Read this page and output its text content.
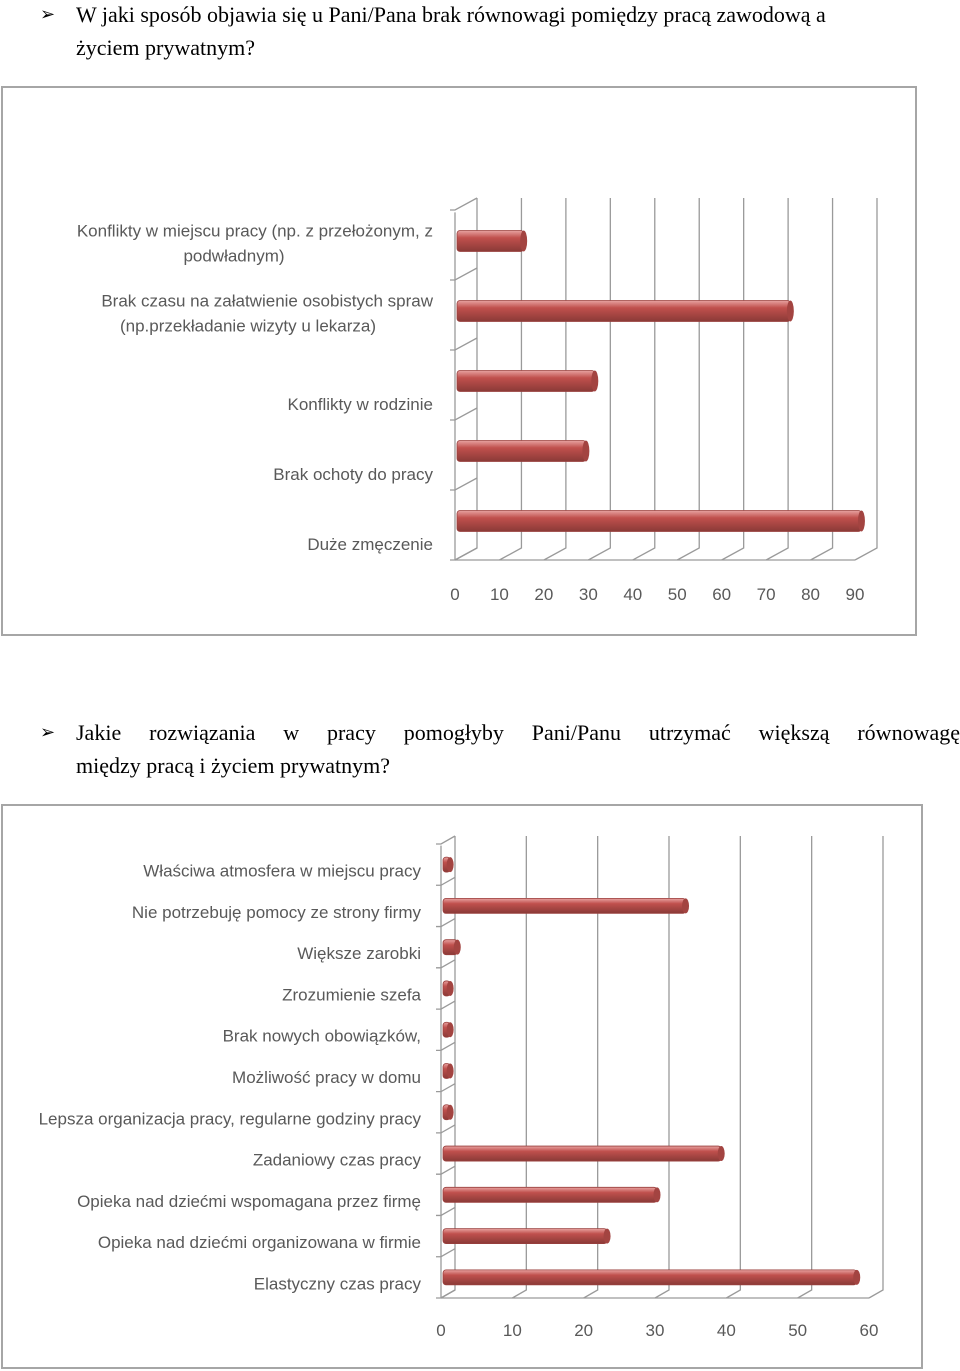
➢ W jaki sposób objawia się u Pani/Pana brak równowagi pomiędzy pracą zawodową a
życiem prywatnym?
0 10 20 30 40 50 60 70 80 90
Konflikty w miejscu pracy (np. z przełożonym, z
podwładnym)
Brak czasu na załatwienie osobistych spraw
(np.przekładanie wizyty u lekarza)
Konflikty w rodzinie
Brak ochoty do pracy
Duże zmęczenie
➢ Jakie rozwiązania w pracy pomogłyby Pani/Panu utrzymać większą równowagę
między pracą i życiem prywatnym?
0	10	20	30	40	50	60
Właściwa atmosfera w miejscu pracy
Nie potrzebuję pomocy ze strony firmy
Większe zarobki
Zrozumienie szefa
Brak nowych obowiązków,
Możliwość pracy w domu
Lepsza organizacja pracy, regularne godziny pracy
Zadaniowy czas pracy
Opieka nad dziećmi wspomagana przez firmę
Opieka nad dziećmi organizowana w firmie
Elastyczny czas pracy
